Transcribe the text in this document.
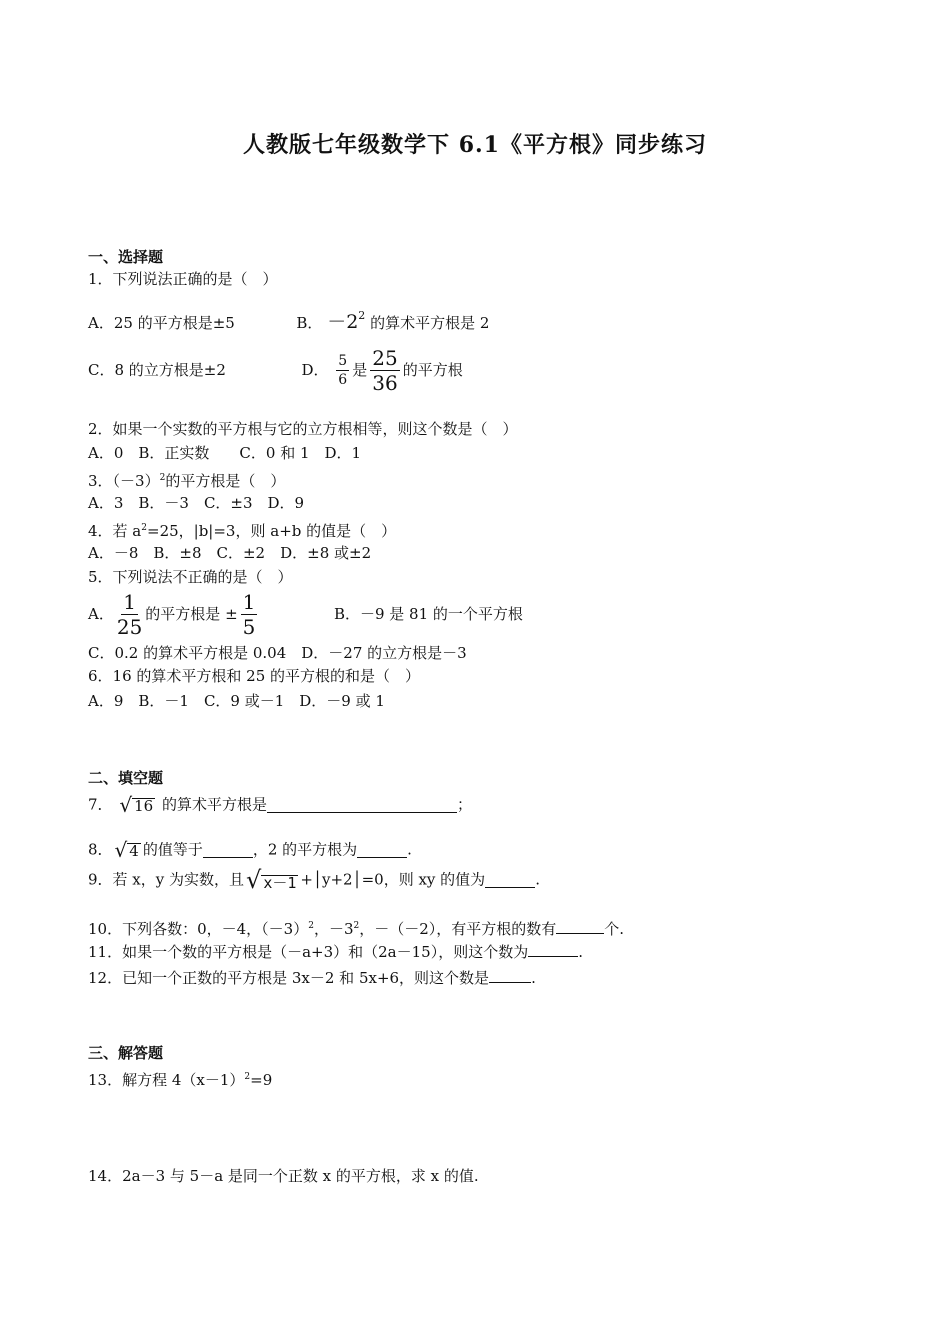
人教版七年级数学下 6.1《平方根》同步练习
一、选择题
1．下列说法正确的是（　）
A．25 的平方根是±5	B． $-2^2$ 的算术平方根是 2
C．8 的立方根是±2	D． $\frac{5}{6}$ 是 $\frac{25}{36}$ 的平方根
2．如果一个实数的平方根与它的立方根相等，则这个数是（　）
A．0　B．正实数　　C．0 和 1　D．1
3．$(-3)^2$的平方根是（　）
A．3　B．－3　C．±3　D．9
4．若 $a^2=25$，|b|=3，则 a+b 的值是（　）
A．－8　B．±8　C．±2　D．±8 或±2
5．下列说法不正确的是（　）
A． $\frac{1}{25}$ 的平方根是 ± $\frac{1}{5}$	B．－9 是 81 的一个平方根
C．0.2 的算术平方根是 0.04　D．－27 的立方根是－3
6．16 的算术平方根和 25 的平方根的和是（　）
A．9　B．－1　C．9 或－1　D．－9 或 1
二、填空题
7． √ 16 的算术平方根是	；
8． √ 4 的值等于	，2 的平方根为	.
9．若 x，y 为实数，且 √ x－1 +│y+2│=0，则 xy 的值为	.
10．下列各数：0，－4，$(-3)^2$，$-3^2$，－（－2），有平方根的数有	个.
11．如果一个数的平方根是（－a+3）和（2a－15），则这个数为	.
12．已知一个正数的平方根是 3x－2 和 5x+6，则这个数是	.
三、解答题
13．解方程 $4(x-1)^2=9$
14．2a－3 与 5－a 是同一个正数 x 的平方根，求 x 的值.
